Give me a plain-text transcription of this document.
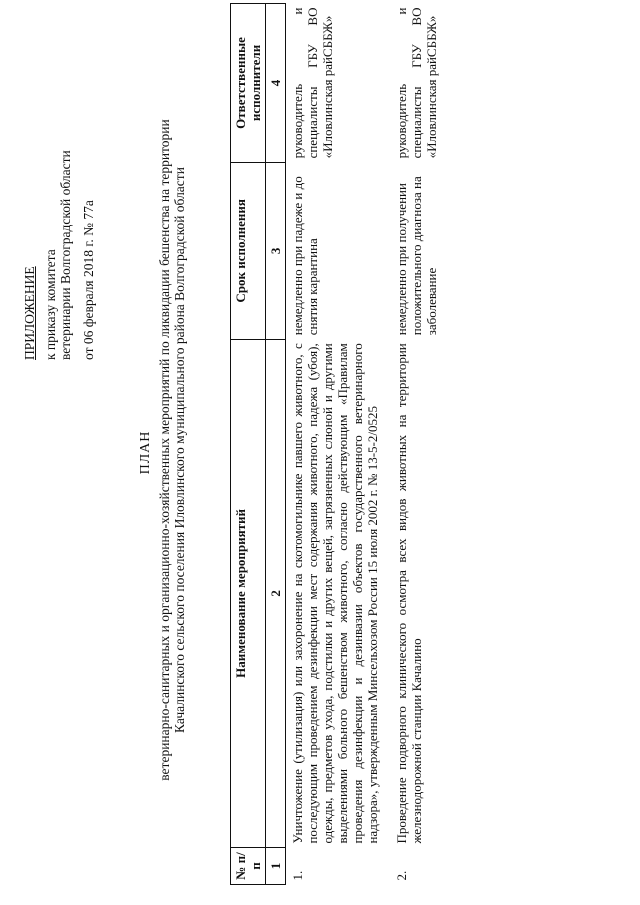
ПРИЛОЖЕНИЕ к приказу комитета ветеринарии Волгоградской области от 06 февраля 2018 г. № 77а
ПЛАН ветеринарно-санитарных и организационно-хозяйственных мероприятий по ликвидации бешенства на территории Качалинского сельского поселения Иловлинского муниципального района Волгоградской области
№ п/п	Наименование мероприятий	Срок исполнения	Ответственные исполнители
1	2	3	4
1.	Уничтожение (утилизация) или захоронение на скотомогильнике павшего животного, с последующим проведением дезинфекции мест содержания животного, падежа (убоя), одежды, предметов ухода, подстилки и других вещей, загрязненных слюной и другими выделениями больного бешенством животного, согласно действующим «Правилам проведения дезинфекции и дезинвазии объектов государственного ветеринарного надзора», утвержденным Минсельхозом России 15 июля 2002 г. № 13-5-2/0525	немедленно при падеже и до снятия карантина	руководитель и специалисты ГБУ ВО «Иловлинская райСББЖ»
2.	Проведение подворного клинического осмотра всех видов животных на территории железнодорожной станции Качалино	немедленно при получении положительного диагноза на заболевание	руководитель и специалисты ГБУ ВО «Иловлинская райСББЖ»
